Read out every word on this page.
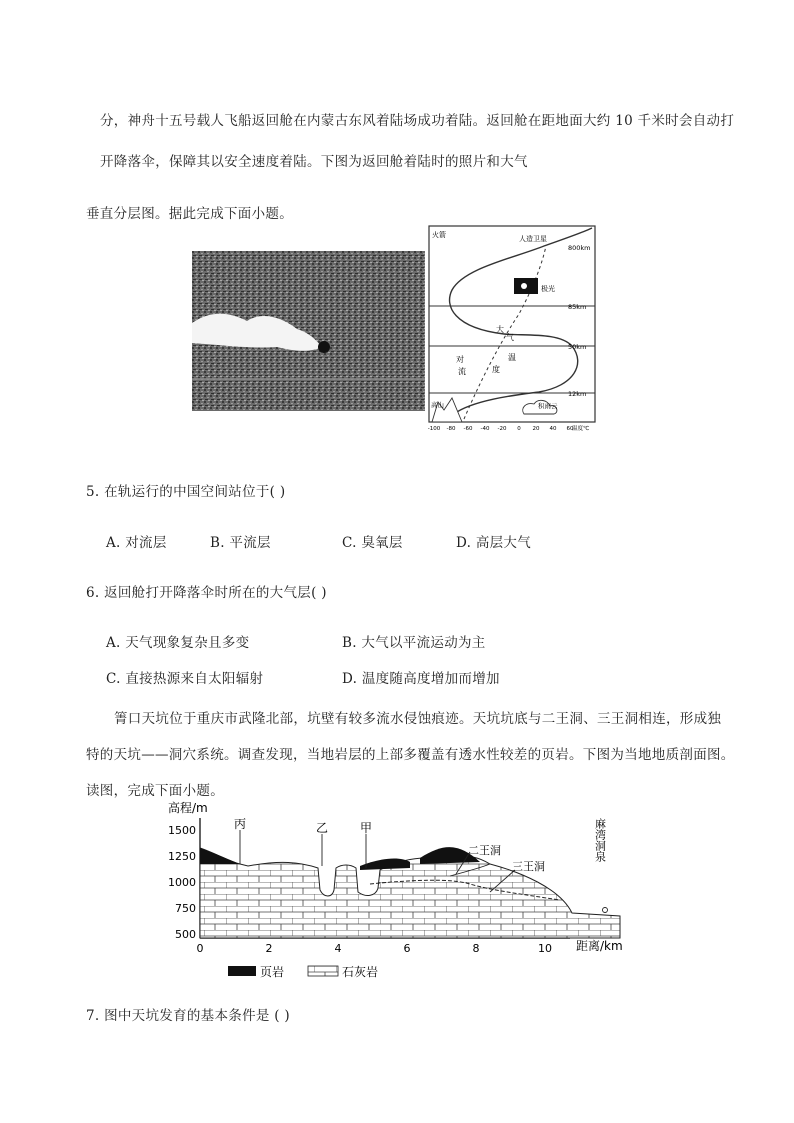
分，神舟十五号载人飞船返回舱在内蒙古东风着陆场成功着陆。返回舱在距地面大约 10 千米时会自动打
开降落伞，保障其以安全速度着陆。下图为返回舱着陆时的照片和大气
垂直分层图。据此完成下面小题。
火箭	人造卫星
极光
800km
85km
50km
12km
大
气
温
度
对
流
高山	积雨云
-100 -80 -60 -40 -20 0 20 40 60
温度℃
5. 在轨运行的中国空间站位于( )
A. 对流层	B. 平流层	C. 臭氧层	D. 高层大气
6. 返回舱打开降落伞时所在的大气层( )
A. 天气现象复杂且多变	B. 大气以平流运动为主
C. 直接热源来自太阳辐射	D. 温度随高度增加而增加
箐口天坑位于重庆市武隆北部，坑壁有较多流水侵蚀痕迹。天坑坑底与二王洞、三王洞相连，形成独
特的天坑——洞穴系统。调查发现，当地岩层的上部多覆盖有透水性较差的页岩。下图为当地地质剖面图。
读图，完成下面小题。
1500
1250
1000
750
500
0	2	4	6	8	10
高程/m
距离/km
丙	乙	甲
二王洞
三王洞
麻湾洞泉
页岩	石灰岩
7. 图中天坑发育的基本条件是 ( )
